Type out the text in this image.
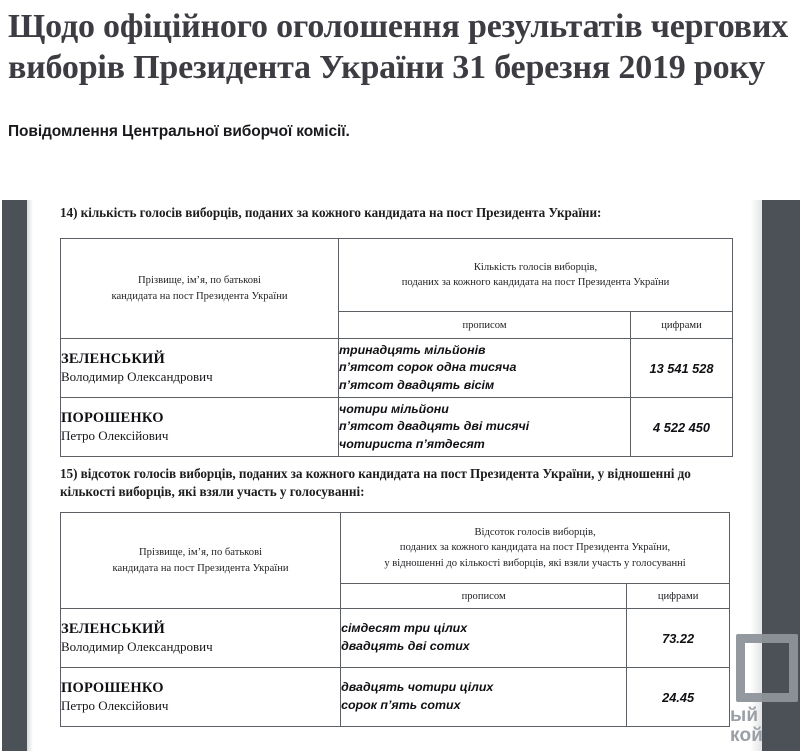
Щодо офіційного оголошення результатів чергових виборів Президента України 31 березня 2019 року

Повідомлення Центральної виборчої комісії.

14) кількість голосів виборців, поданих за кожного кандидата на пост Президента України:
Прізвище, ім’я, по батькові
кандидата на пост Президента України

Кількість голосів виборців,
поданих за кожного кандидата на пост Президента України

	прописом	цифрами

ЗЕЛЕНСЬКИЙ
Володимир Олександрович	тринадцять мільйонів
п’ятсот сорок одна тисяча
п’ятсот двадцять вісім	13 541 528

ПОРОШЕНКО
Петро Олексійович	чотири мільйони
п’ятсот двадцять дві тисячі
чотириста п’ятдесят	4 522 450
15) відсоток голосів виборців, поданих за кожного кандидата на пост Президента України, у відношенні до кількості виборців, які взяли участь у голосуванні:
Прізвище, ім’я, по батькові
кандидата на пост Президента України

Відсоток голосів виборців,
поданих за кожного кандидата на пост Президента України,
у відношенні до кількості виборців, які взяли участь у голосуванні

	прописом	цифрами

ЗЕЛЕНСЬКИЙ
Володимир Олександрович	сімдесят три цілих
двадцять дві сотих	73.22

ПОРОШЕНКО
Петро Олексійович	двадцять чотири цілих
сорок п’ять сотих	24.45
ый
кой
